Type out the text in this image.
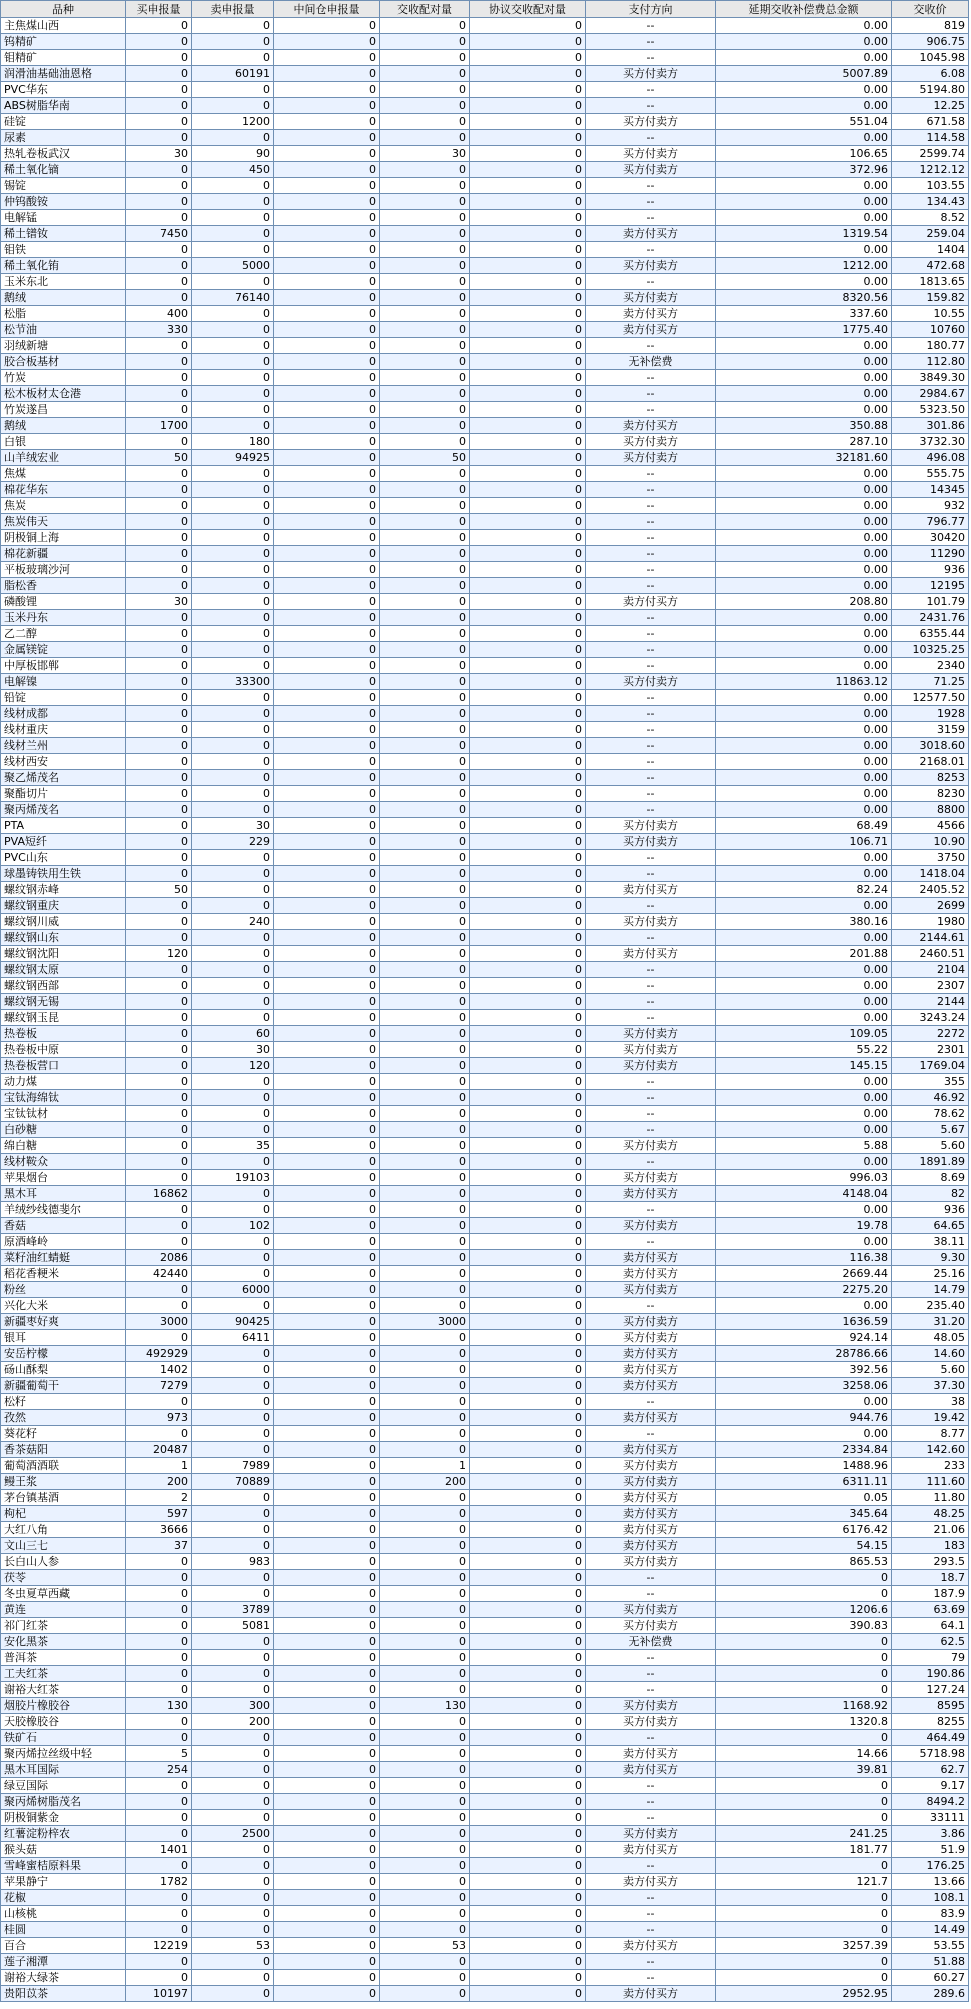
品种	买申报量	卖申报量	中间仓申报量	交收配对量	协议交收配对量	支付方向	延期交收补偿费总金额	交收价
主焦煤山西	0	0	0	0	0	--	0.00	819
钨精矿	0	0	0	0	0	--	0.00	906.75
钼精矿	0	0	0	0	0	--	0.00	1045.98
润滑油基础油恩格	0	60191	0	0	0	买方付卖方	5007.89	6.08
PVC华东	0	0	0	0	0	--	0.00	5194.80
ABS树脂华南	0	0	0	0	0	--	0.00	12.25
硅锭	0	1200	0	0	0	买方付卖方	551.04	671.58
尿素	0	0	0	0	0	--	0.00	114.58
热轧卷板武汉	30	90	0	30	0	买方付卖方	106.65	2599.74
稀土氧化镝	0	450	0	0	0	买方付卖方	372.96	1212.12
锡锭	0	0	0	0	0	--	0.00	103.55
仲钨酸铵	0	0	0	0	0	--	0.00	134.43
电解锰	0	0	0	0	0	--	0.00	8.52
稀土镨钕	7450	0	0	0	0	卖方付买方	1319.54	259.04
钼铁	0	0	0	0	0	--	0.00	1404
稀土氧化铕	0	5000	0	0	0	买方付卖方	1212.00	472.68
玉米东北	0	0	0	0	0	--	0.00	1813.65
鹅绒	0	76140	0	0	0	买方付卖方	8320.56	159.82
松脂	400	0	0	0	0	卖方付买方	337.60	10.55
松节油	330	0	0	0	0	卖方付买方	1775.40	10760
羽绒新塘	0	0	0	0	0	--	0.00	180.77
胶合板基材	0	0	0	0	0	无补偿费	0.00	112.80
竹炭	0	0	0	0	0	--	0.00	3849.30
松木板材太仓港	0	0	0	0	0	--	0.00	2984.67
竹炭遂昌	0	0	0	0	0	--	0.00	5323.50
鹅绒	1700	0	0	0	0	卖方付买方	350.88	301.86
白银	0	180	0	0	0	买方付卖方	287.10	3732.30
山羊绒宏业	50	94925	0	50	0	买方付卖方	32181.60	496.08
焦煤	0	0	0	0	0	--	0.00	555.75
棉花华东	0	0	0	0	0	--	0.00	14345
焦炭	0	0	0	0	0	--	0.00	932
焦炭伟天	0	0	0	0	0	--	0.00	796.77
阴极铜上海	0	0	0	0	0	--	0.00	30420
棉花新疆	0	0	0	0	0	--	0.00	11290
平板玻璃沙河	0	0	0	0	0	--	0.00	936
脂松香	0	0	0	0	0	--	0.00	12195
磷酸锂	30	0	0	0	0	卖方付买方	208.80	101.79
玉米丹东	0	0	0	0	0	--	0.00	2431.76
乙二醇	0	0	0	0	0	--	0.00	6355.44
金属镁锭	0	0	0	0	0	--	0.00	10325.25
中厚板邯郸	0	0	0	0	0	--	0.00	2340
电解镍	0	33300	0	0	0	买方付卖方	11863.12	71.25
铅锭	0	0	0	0	0	--	0.00	12577.50
线材成都	0	0	0	0	0	--	0.00	1928
线材重庆	0	0	0	0	0	--	0.00	3159
线材兰州	0	0	0	0	0	--	0.00	3018.60
线材西安	0	0	0	0	0	--	0.00	2168.01
聚乙烯茂名	0	0	0	0	0	--	0.00	8253
聚酯切片	0	0	0	0	0	--	0.00	8230
聚丙烯茂名	0	0	0	0	0	--	0.00	8800
PTA	0	30	0	0	0	买方付卖方	68.49	4566
PVA短纤	0	229	0	0	0	买方付卖方	106.71	10.90
PVC山东	0	0	0	0	0	--	0.00	3750
球墨铸铁用生铁	0	0	0	0	0	--	0.00	1418.04
螺纹钢赤峰	50	0	0	0	0	卖方付买方	82.24	2405.52
螺纹钢重庆	0	0	0	0	0	--	0.00	2699
螺纹钢川威	0	240	0	0	0	买方付卖方	380.16	1980
螺纹钢山东	0	0	0	0	0	--	0.00	2144.61
螺纹钢沈阳	120	0	0	0	0	卖方付买方	201.88	2460.51
螺纹钢太原	0	0	0	0	0	--	0.00	2104
螺纹钢西部	0	0	0	0	0	--	0.00	2307
螺纹钢无锡	0	0	0	0	0	--	0.00	2144
螺纹钢玉昆	0	0	0	0	0	--	0.00	3243.24
热卷板	0	60	0	0	0	买方付卖方	109.05	2272
热卷板中原	0	30	0	0	0	买方付卖方	55.22	2301
热卷板营口	0	120	0	0	0	买方付卖方	145.15	1769.04
动力煤	0	0	0	0	0	--	0.00	355
宝钛海绵钛	0	0	0	0	0	--	0.00	46.92
宝钛钛材	0	0	0	0	0	--	0.00	78.62
白砂糖	0	0	0	0	0	--	0.00	5.67
绵白糖	0	35	0	0	0	买方付卖方	5.88	5.60
线材鞍众	0	0	0	0	0	--	0.00	1891.89
苹果烟台	0	19103	0	0	0	买方付卖方	996.03	8.69
黑木耳	16862	0	0	0	0	卖方付买方	4148.04	82
羊绒纱线德斐尔	0	0	0	0	0	--	0.00	936
香菇	0	102	0	0	0	买方付卖方	19.78	64.65
原酒峰岭	0	0	0	0	0	--	0.00	38.11
菜籽油红蜻蜓	2086	0	0	0	0	卖方付买方	116.38	9.30
稻花香粳米	42440	0	0	0	0	卖方付买方	2669.44	25.16
粉丝	0	6000	0	0	0	买方付卖方	2275.20	14.79
兴化大米	0	0	0	0	0	--	0.00	235.40
新疆枣好爽	3000	90425	0	3000	0	买方付卖方	1636.59	31.20
银耳	0	6411	0	0	0	买方付卖方	924.14	48.05
安岳柠檬	492929	0	0	0	0	卖方付买方	28786.66	14.60
砀山酥梨	1402	0	0	0	0	卖方付买方	392.56	5.60
新疆葡萄干	7279	0	0	0	0	卖方付买方	3258.06	37.30
松籽	0	0	0	0	0	--	0.00	38
孜然	973	0	0	0	0	卖方付买方	944.76	19.42
葵花籽	0	0	0	0	0	--	0.00	8.77
香茶菇阳	20487	0	0	0	0	卖方付买方	2334.84	142.60
葡萄酒酒联	1	7989	0	1	0	买方付卖方	1488.96	233
鳗王浆	200	70889	0	200	0	买方付卖方	6311.11	111.60
茅台镇基酒	2	0	0	0	0	卖方付买方	0.05	11.80
枸杞	597	0	0	0	0	卖方付买方	345.64	48.25
大红八角	3666	0	0	0	0	卖方付买方	6176.42	21.06
文山三七	37	0	0	0	0	卖方付买方	54.15	183
长白山人参	0	983	0	0	0	买方付卖方	865.53	293.5
茯苓	0	0	0	0	0	--	0	18.7
冬虫夏草西藏	0	0	0	0	0	--	0	187.9
黄连	0	3789	0	0	0	买方付卖方	1206.6	63.69
祁门红茶	0	5081	0	0	0	买方付卖方	390.83	64.1
安化黑茶	0	0	0	0	0	无补偿费	0	62.5
普洱茶	0	0	0	0	0	--	0	79
工夫红茶	0	0	0	0	0	--	0	190.86
谢裕大红茶	0	0	0	0	0	--	0	127.24
烟胶片橡胶谷	130	300	0	130	0	买方付卖方	1168.92	8595
天胶橡胶谷	0	200	0	0	0	买方付卖方	1320.8	8255
铁矿石	0	0	0	0	0	--	0	464.49
聚丙烯拉丝级中轻	5	0	0	0	0	卖方付买方	14.66	5718.98
黑木耳国际	254	0	0	0	0	卖方付买方	39.81	62.7
绿豆国际	0	0	0	0	0	--	0	9.17
聚丙烯树脂茂名	0	0	0	0	0	--	0	8494.2
阴极铜紫金	0	0	0	0	0	--	0	33111
红薯淀粉梓农	0	2500	0	0	0	买方付卖方	241.25	3.86
猴头菇	1401	0	0	0	0	卖方付买方	181.77	51.9
雪峰蜜桔原料果	0	0	0	0	0	--	0	176.25
苹果静宁	1782	0	0	0	0	卖方付买方	121.7	13.66
花椒	0	0	0	0	0	--	0	108.1
山核桃	0	0	0	0	0	--	0	83.9
桂圆	0	0	0	0	0	--	0	14.49
百合	12219	53	0	53	0	卖方付买方	3257.39	53.55
莲子湘潭	0	0	0	0	0	--	0	51.88
谢裕大绿茶	0	0	0	0	0	--	0	60.27
贵阳苡茶	10197	0	0	0	0	卖方付买方	2952.95	289.6
